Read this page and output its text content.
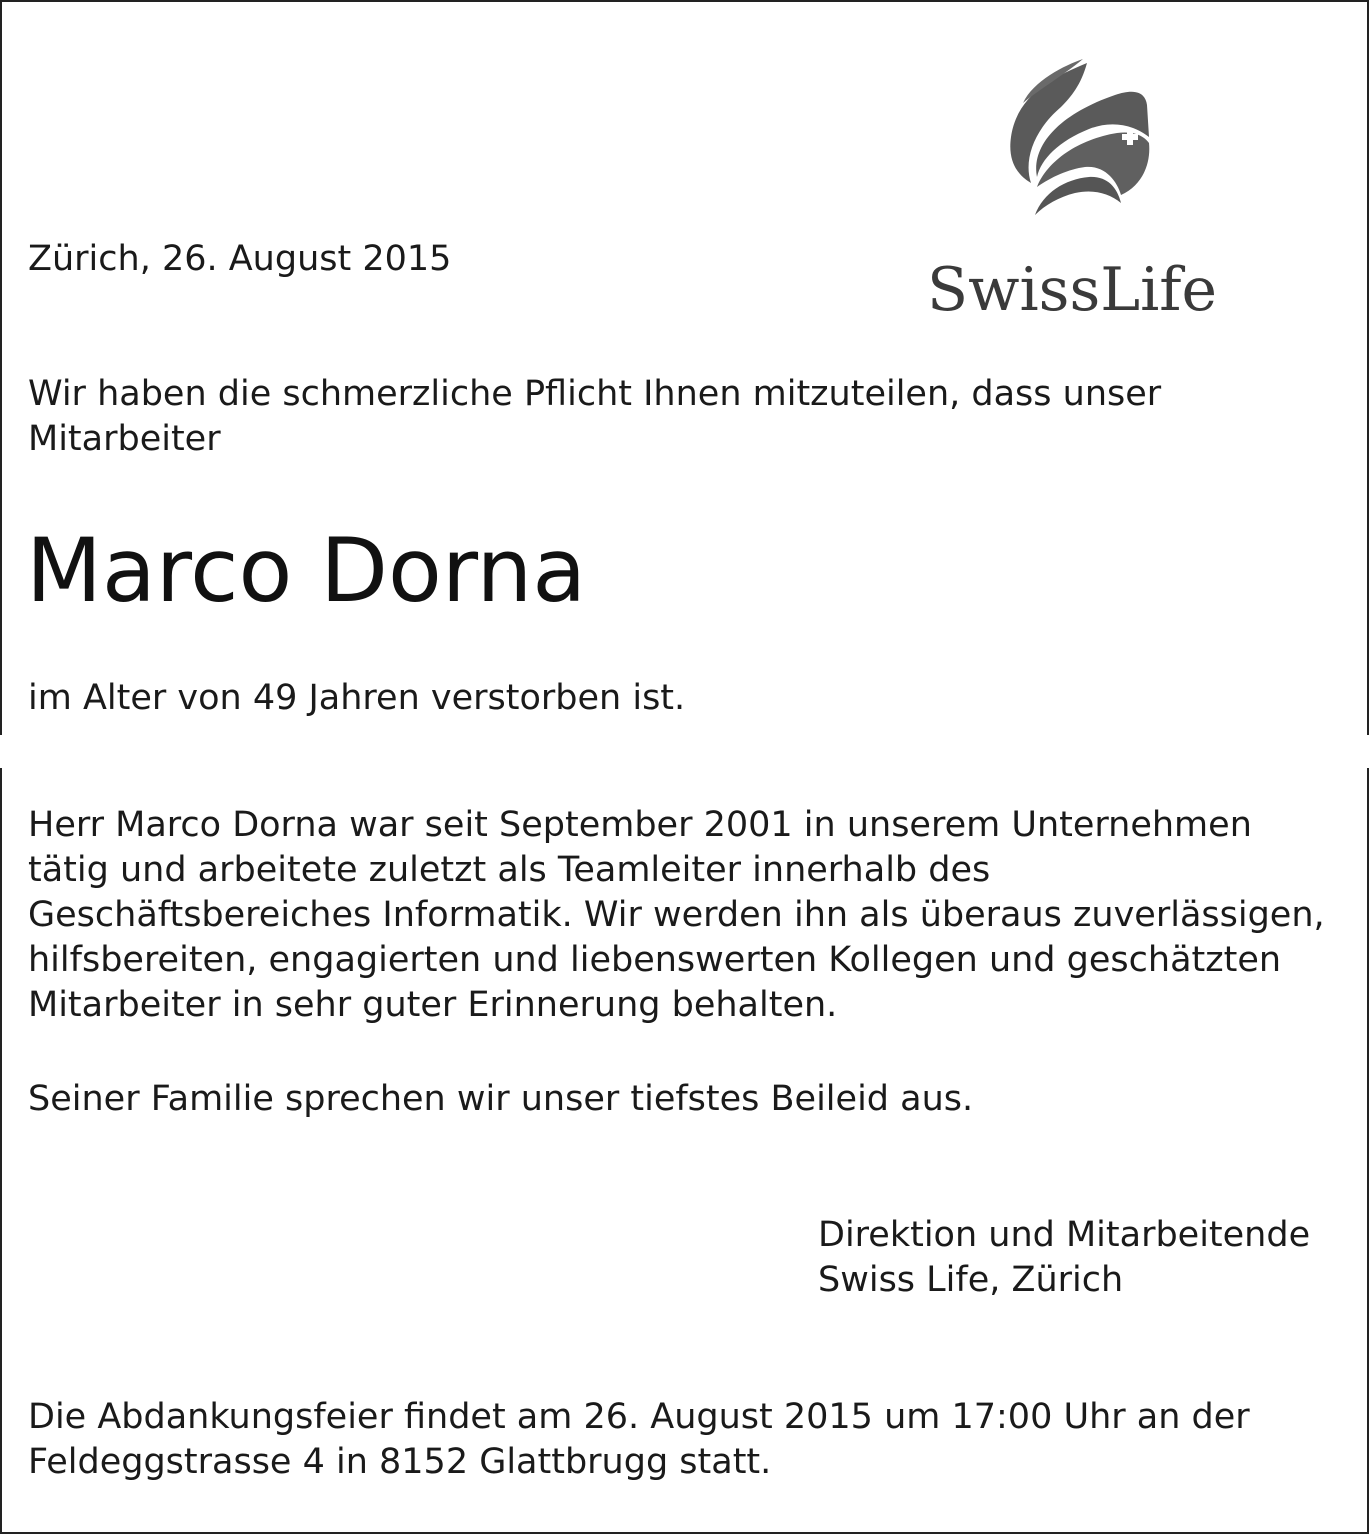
SwissLife
Zürich, 26. August 2015
Wir haben die schmerzliche Pflicht Ihnen mitzuteilen, dass unser
Mitarbeiter
Marco Dorna
im Alter von 49 Jahren verstorben ist.
Herr Marco Dorna war seit September 2001 in unserem Unternehmen
tätig und arbeitete zuletzt als Teamleiter innerhalb des
Geschäftsbereiches Informatik. Wir werden ihn als überaus zuverlässigen,
hilfsbereiten, engagierten und liebenswerten Kollegen und geschätzten
Mitarbeiter in sehr guter Erinnerung behalten.
Seiner Familie sprechen wir unser tiefstes Beileid aus.
Direktion und Mitarbeitende
Swiss Life, Zürich
Die Abdankungsfeier findet am 26. August 2015 um 17:00 Uhr an der
Feldeggstrasse 4 in 8152 Glattbrugg statt.
